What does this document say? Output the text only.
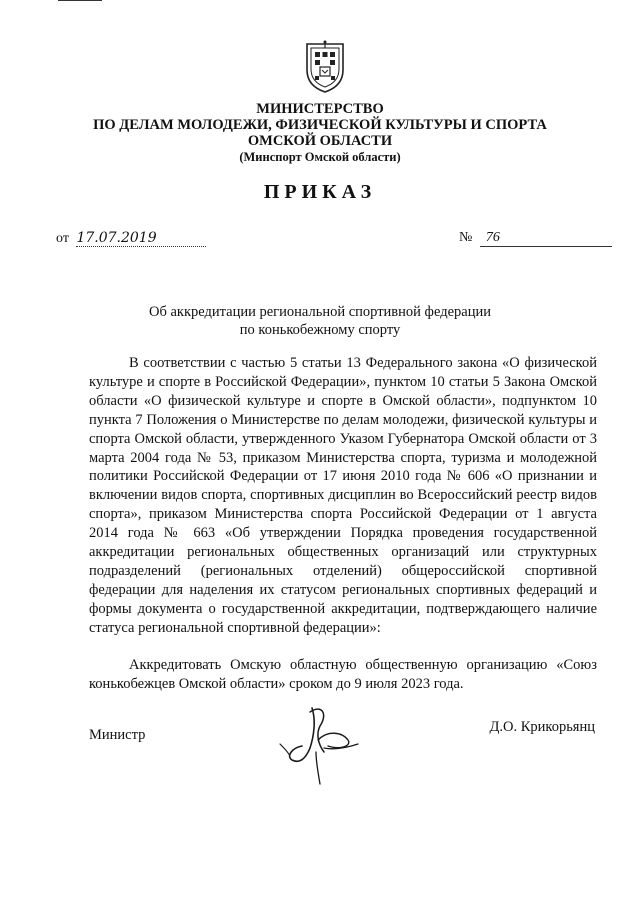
МИНИСТЕРСТВО
ПО ДЕЛАМ МОЛОДЕЖИ, ФИЗИЧЕСКОЙ КУЛЬТУРЫ И СПОРТА
ОМСКОЙ ОБЛАСТИ
(Минспорт Омской области)
ПРИКАЗ
от 17.07.2019	№ 76
Об аккредитации региональной спортивной федерации
по конькобежному спорту

В соответствии с частью 5 статьи 13 Федерального закона «О физической культуре и спорте в Российской Федерации», пунктом 10 статьи 5 Закона Омской области «О физической культуре и спорте в Омской области», подпунктом 10 пункта 7 Положения о Министерстве по делам молодежи, физической культуры и спорта Омской области, утвержденного Указом Губернатора Омской области от 3 марта 2004 года № 53, приказом Министерства спорта, туризма и молодежной политики Российской Федерации от 17 июня 2010 года № 606 «О признании и включении видов спорта, спортивных дисциплин во Всероссийский реестр видов спорта», приказом Министерства спорта Российской Федерации от 1 августа 2014 года № 663 «Об утверждении Порядка проведения государственной аккредитации региональных общественных организаций или структурных подразделений (региональных отделений) общероссийской спортивной федерации для наделения их статусом региональных спортивных федераций и формы документа о государственной аккредитации, подтверждающего наличие статуса региональной спортивной федерации»:

Аккредитовать Омскую областную общественную организацию «Союз конькобежцев Омской области» сроком до 9 июля 2023 года.

Министр	Д.О. Крикорьянц
